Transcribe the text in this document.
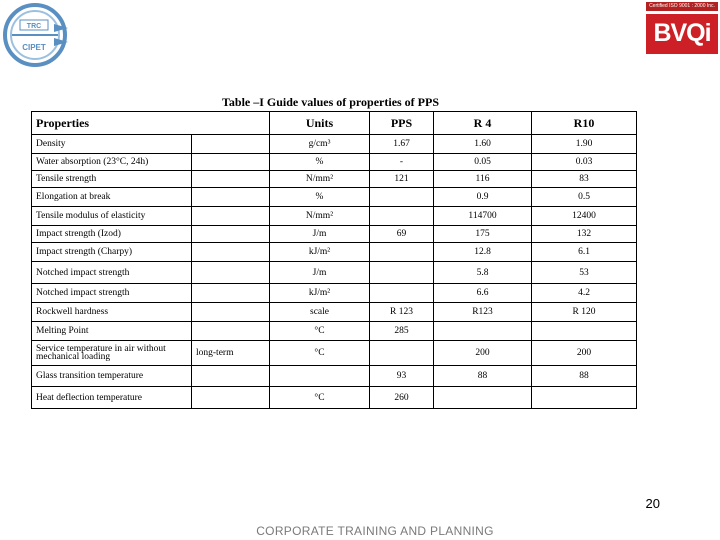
TRC
CIPET
Certified ISO 9001 : 2000 Inc.
BVQi
Table –I Guide values of properties of PPS
Properties		Units	PPS	R 4	R10
Density		g/cm³	1.67	1.60	1.90
Water absorption (23°C, 24h)		%	-	0.05	0.03
Tensile strength		N/mm²	121	116	83
Elongation at break		%		0.9	0.5
Tensile modulus of elasticity		N/mm²		114700	12400
Impact strength (Izod)		J/m	69	175	132
Impact strength (Charpy)		kJ/m²		12.8	6.1
Notched impact strength		J/m		5.8	53
Notched impact strength		kJ/m²		6.6	4.2
Rockwell hardness		scale	R 123	R123	R 120
Melting Point		°C	285		
Service temperature in air without mechanical loading	long-term	°C		200	200
Glass transition temperature			93	88	88
Heat deflection temperature		°C	260		
20
CORPORATE TRAINING AND PLANNING
